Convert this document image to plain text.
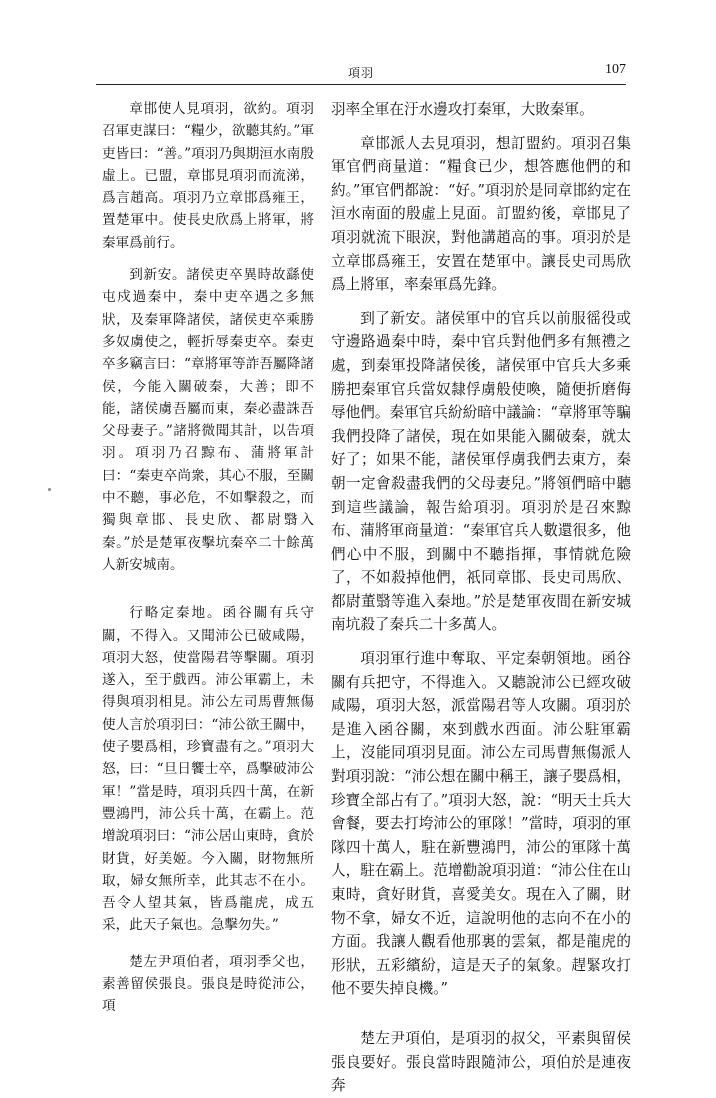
項羽	107

章邯使人見項羽，欲約。項羽召軍吏謀曰：“糧少，欲聽其約。”軍吏皆曰：“善。”項羽乃與期洹水南殷虛上。已盟，章邯見項羽而流涕，爲言趙高。項羽乃立章邯爲雍王，置楚軍中。使長史欣爲上將軍，將秦軍爲前行。

到新安。諸侯吏卒異時故繇使屯戍過秦中，秦中吏卒遇之多無狀，及秦軍降諸侯，諸侯吏卒乘勝多奴虜使之，輕折辱秦吏卒。秦吏卒多竊言曰：“章將軍等詐吾屬降諸侯，今能入關破秦，大善；即不能，諸侯虜吾屬而東，秦必盡誅吾父母妻子。”諸將微聞其計，以告項羽。項羽乃召黥布、蒲將軍計曰：“秦吏卒尚衆，其心不服，至關中不聽，事必危，不如擊殺之，而獨與章邯、長史欣、都尉翳入秦。”於是楚軍夜擊坑秦卒二十餘萬人新安城南。

行略定秦地。函谷關有兵守關，不得入。又聞沛公已破咸陽，項羽大怒，使當陽君等擊關。項羽遂入，至于戲西。沛公軍霸上，未得與項羽相見。沛公左司馬曹無傷使人言於項羽曰：“沛公欲王關中，使子嬰爲相，珍寶盡有之。”項羽大怒，曰：“旦日饗士卒，爲擊破沛公軍！”當是時，項羽兵四十萬，在新豐鴻門，沛公兵十萬，在霸上。范增說項羽曰：“沛公居山東時，貪於財貨，好美姬。今入關，財物無所取，婦女無所幸，此其志不在小。吾令人望其氣，皆爲龍虎，成五采，此天子氣也。急擊勿失。”

楚左尹項伯者，項羽季父也，素善留侯張良。張良是時從沛公，項

羽率全軍在汙水邊攻打秦軍，大敗秦軍。

章邯派人去見項羽，想訂盟約。項羽召集軍官們商量道：“糧食已少，想答應他們的和約。”軍官們都說：“好。”項羽於是同章邯約定在洹水南面的殷虛上見面。訂盟約後，章邯見了項羽就流下眼淚，對他講趙高的事。項羽於是立章邯爲雍王，安置在楚軍中。讓長史司馬欣爲上將軍，率秦軍爲先鋒。

到了新安。諸侯軍中的官兵以前服徭役或守邊路過秦中時，秦中官兵對他們多有無禮之處，到秦軍投降諸侯後，諸侯軍中官兵大多乘勝把秦軍官兵當奴隸俘虜般使喚，隨便折磨侮辱他們。秦軍官兵紛紛暗中議論：“章將軍等騙我們投降了諸侯，現在如果能入關破秦，就太好了；如果不能，諸侯軍俘虜我們去東方，秦朝一定會殺盡我們的父母妻兒。”將領們暗中聽到這些議論，報告給項羽。項羽於是召來黥布、蒲將軍商量道：“秦軍官兵人數還很多，他們心中不服，到關中不聽指揮，事情就危險了，不如殺掉他們，祇同章邯、長史司馬欣、都尉董翳等進入秦地。”於是楚軍夜間在新安城南坑殺了秦兵二十多萬人。

項羽軍行進中奪取、平定秦朝領地。函谷關有兵把守，不得進入。又聽說沛公已經攻破咸陽，項羽大怒，派當陽君等人攻關。項羽於是進入函谷關，來到戲水西面。沛公駐軍霸上，沒能同項羽見面。沛公左司馬曹無傷派人對項羽說：“沛公想在關中稱王，讓子嬰爲相，珍寶全部占有了。”項羽大怒，說：“明天士兵大會餐，要去打垮沛公的軍隊！”當時，項羽的軍隊四十萬人，駐在新豐鴻門，沛公的軍隊十萬人，駐在霸上。范增勸說項羽道：“沛公住在山東時，貪好財貨，喜愛美女。現在入了關，財物不拿，婦女不近，這說明他的志向不在小的方面。我讓人觀看他那裏的雲氣，都是龍虎的形狀，五彩繽紛，這是天子的氣象。趕緊攻打他不要失掉良機。”

楚左尹項伯，是項羽的叔父，平素與留侯張良要好。張良當時跟隨沛公，項伯於是連夜奔
